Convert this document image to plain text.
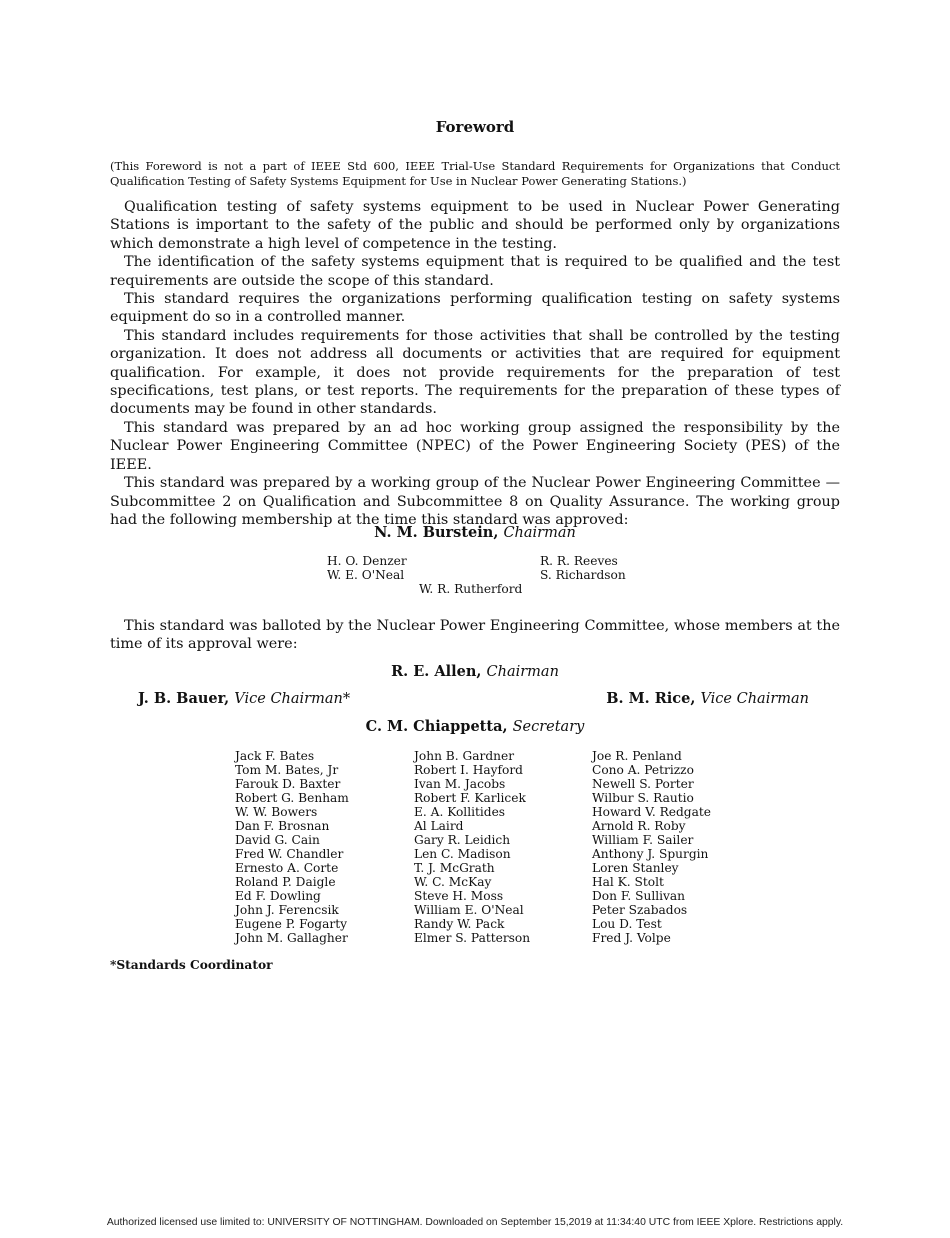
Foreword
(This Foreword is not a part of IEEE Std 600, IEEE Trial-Use Standard Requirements for Organizations that Conduct Qualification Testing of Safety Systems Equipment for Use in Nuclear Power Generating Stations.)

Qualification testing of safety systems equipment to be used in Nuclear Power Generating Stations is important to the safety of the public and should be performed only by organizations which demonstrate a high level of competence in the testing.

The identification of the safety systems equipment that is required to be qualified and the test requirements are outside the scope of this standard.

This standard requires the organizations performing qualification testing on safety systems equipment do so in a controlled manner.

This standard includes requirements for those activities that shall be controlled by the testing organization. It does not address all documents or activities that are required for equipment qualification. For example, it does not provide requirements for the preparation of test specifications, test plans, or test reports. The requirements for the preparation of these types of documents may be found in other standards.

This standard was prepared by an ad hoc working group assigned the responsibility by the Nuclear Power Engineering Committee (NPEC) of the Power Engineering Society (PES) of the IEEE.

This standard was prepared by a working group of the Nuclear Power Engineering Committee — Subcommittee 2 on Qualification and Subcommittee 8 on Quality Assurance. The working group had the following membership at the time this standard was approved:

N. M. Burstein, Chairman
H. O. Denzer
W. E. O'Neal
R. R. Reeves
S. Richardson
W. R. Rutherford
This standard was balloted by the Nuclear Power Engineering Committee, whose members at the time of its approval were:
R. E. Allen, Chairman
J. B. Bauer, Vice Chairman*	B. M. Rice, Vice Chairman
C. M. Chiappetta, Secretary
Jack F. Bates
Tom M. Bates, Jr
Farouk D. Baxter
Robert G. Benham
W. W. Bowers
Dan F. Brosnan
David G. Cain
Fred W. Chandler
Ernesto A. Corte
Roland P. Daigle
Ed F. Dowling
John J. Ferencsik
Eugene P. Fogarty
John M. Gallagher
John B. Gardner
Robert I. Hayford
Ivan M. Jacobs
Robert F. Karlicek
E. A. Kollitides
Al Laird
Gary R. Leidich
Len C. Madison
T. J. McGrath
W. C. McKay
Steve H. Moss
William E. O'Neal
Randy W. Pack
Elmer S. Patterson
Joe R. Penland
Cono A. Petrizzo
Newell S. Porter
Wilbur S. Rautio
Howard V. Redgate
Arnold R. Roby
William F. Sailer
Anthony J. Spurgin
Loren Stanley
Hal K. Stolt
Don F. Sullivan
Peter Szabados
Lou D. Test
Fred J. Volpe
*Standards Coordinator
Authorized licensed use limited to: UNIVERSITY OF NOTTINGHAM. Downloaded on September 15,2019 at 11:34:40 UTC from IEEE Xplore. Restrictions apply.
